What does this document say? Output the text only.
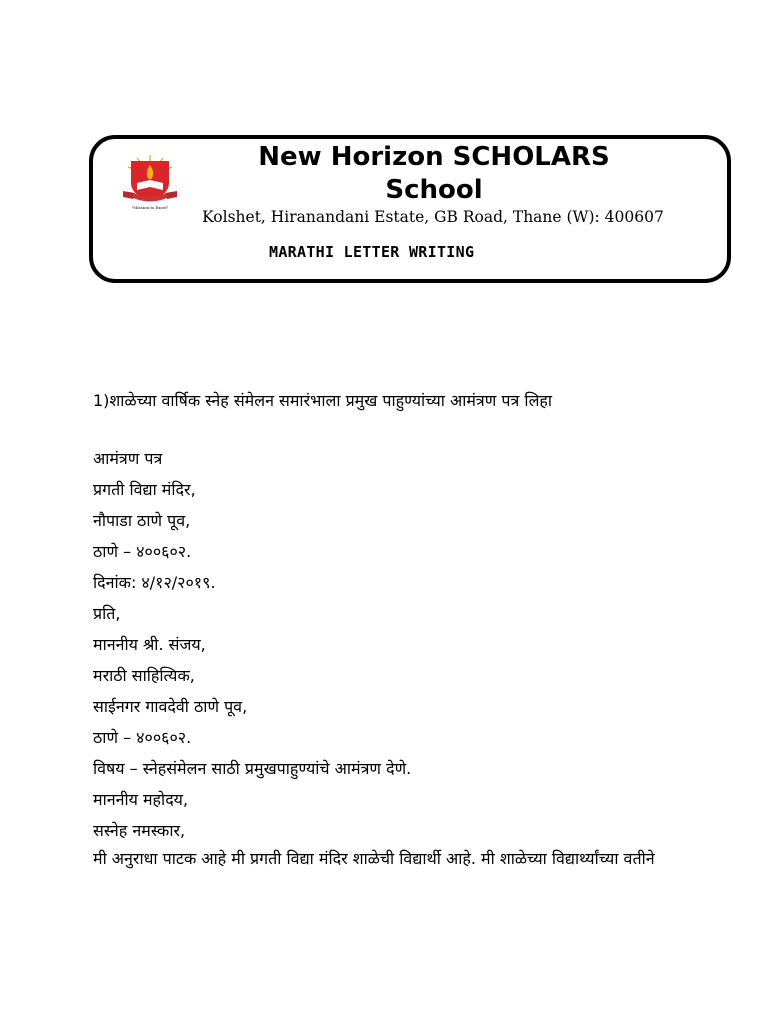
"Mission to Excel"
New Horizon SCHOLARS School
Kolshet, Hiranandani Estate, GB Road, Thane (W): 400607
MARATHI LETTER WRITING

1)शाळेच्या वार्षिक स्नेह संमेलन समारंभाला प्रमुख पाहुण्यांच्या आमंत्रण पत्र लिहा

आमंत्रण पत्र

प्रगती विद्या मंदिर,

नौपाडा ठाणे पूव,

ठाणे – ४००६०२.

दिनांक: ४/१२/२०१९.

प्रति,

माननीय श्री. संजय,

मराठी साहित्यिक,

साईनगर गावदेवी ठाणे पूव,

ठाणे – ४००६०२.

विषय – स्नेहसंमेलन साठी प्रमुखपाहुण्यांचे आमंत्रण देणे.

माननीय महोदय,

सस्नेह नमस्कार,

मी अनुराधा पाटक आहे मी प्रगती विद्या मंदिर शाळेची विद्यार्थी आहे. मी शाळेच्या विद्यार्थ्यांच्या वतीने
